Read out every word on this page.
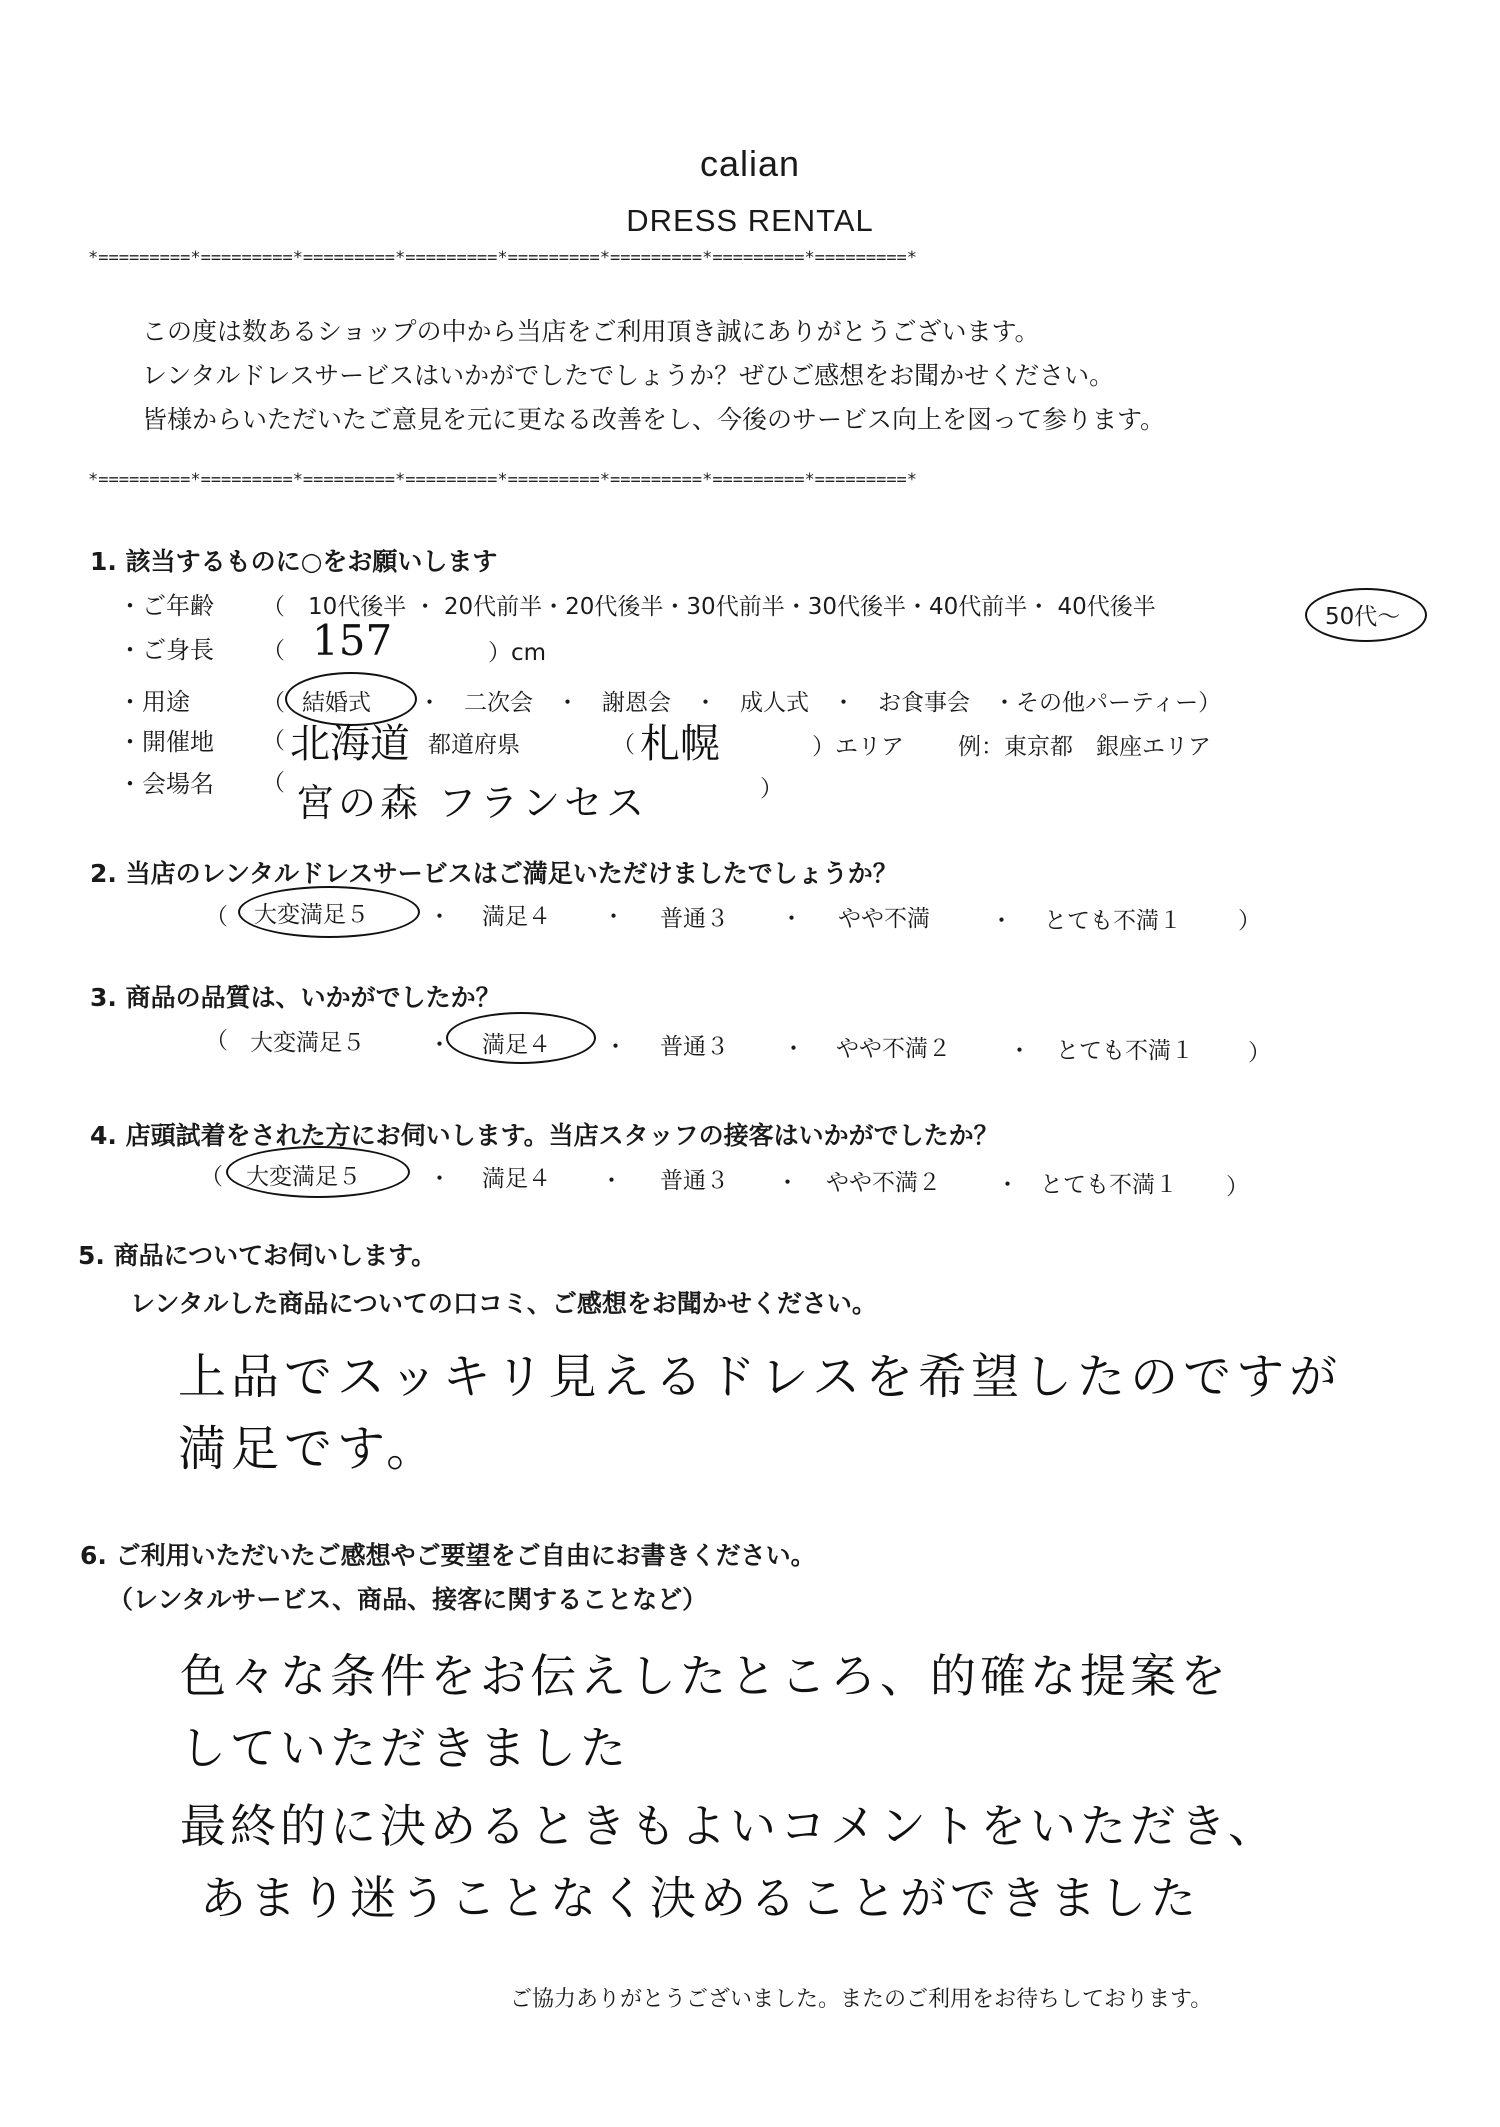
calian
DRESS RENTAL
*=========*=========*=========*=========*=========*=========*=========*=========*
この度は数あるショップの中から当店をご利用頂き誠にありがとうございます。
レンタルドレスサービスはいかがでしたでしょうか？ぜひご感想をお聞かせください。
皆様からいただいたご意見を元に更なる改善をし、今後のサービス向上を図って参ります。
*=========*=========*=========*=========*=========*=========*=========*=========*
1. 該当するものに○をお願いします
・ご年齢 （　10代後半 ・ 20代前半・20代後半・30代前半・30代後半・40代前半・ 40代後半	50代〜
・ご身長 （ 157	）cm
・用途	（ 結婚式 ・　二次会　・　謝恩会　・　成人式　・　お食事会　・その他パーティー）
・開催地 （ 北海道 都道府県	（ 札幌	）エリア 例：東京都　銀座エリア
・会場名 （ 宮の森 フランセス	）
2. 当店のレンタルドレスサービスはご満足いただけましたでしょうか？
（ 大変満足５	・ 満足４ ・ 普通３ ・ やや不満	・ とても不満１ ）
3. 商品の品質は、いかがでしたか？
（ 大変満足５	・ 満足４ ・ 普通３ ・ やや不満２ ・ とても不満１ ）
4. 店頭試着をされた方にお伺いします。当店スタッフの接客はいかがでしたか？
（ 大変満足５	・ 満足４ ・ 普通３ ・ やや不満２ ・ とても不満１ ）
5. 商品についてお伺いします。
レンタルした商品についての口コミ、ご感想をお聞かせください。
上品でスッキリ見えるドレスを希望したのですが
満足です。
6. ご利用いただいたご感想やご要望をご自由にお書きください。
（レンタルサービス、商品、接客に関することなど）
色々な条件をお伝えしたところ、的確な提案を
していただきました
最終的に決めるときもよいコメントをいただき、
あまり迷うことなく決めることができました
ご協力ありがとうございました。またのご利用をお待ちしております。
